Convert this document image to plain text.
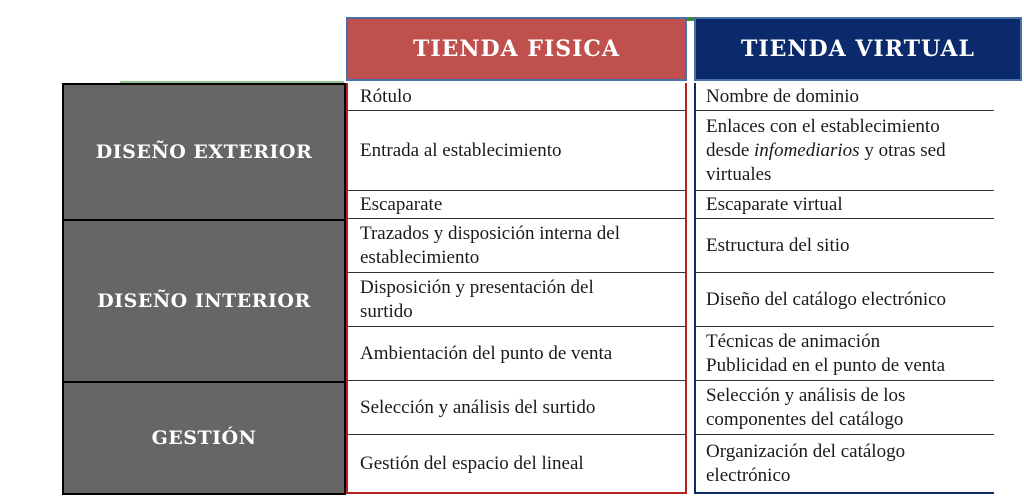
TIENDA FISICA	TIENDA VIRTUAL
DISEÑO EXTERIOR
DISEÑO INTERIOR
GESTIÓN
Rótulo
Entrada al establecimiento
Escaparate
Trazados y disposición interna del
establecimiento
Disposición y presentación del
surtido
Ambientación del punto de venta
Selección y análisis del surtido
Gestión del espacio del lineal
Nombre de dominio
Enlaces con el establecimiento
desde infomediarios y otras sed
virtuales
Escaparate virtual
Estructura del sitio
Diseño del catálogo electrónico
Técnicas de animación
Publicidad en el punto de venta
Selección y análisis de los
componentes del catálogo
Organización del catálogo
electrónico
